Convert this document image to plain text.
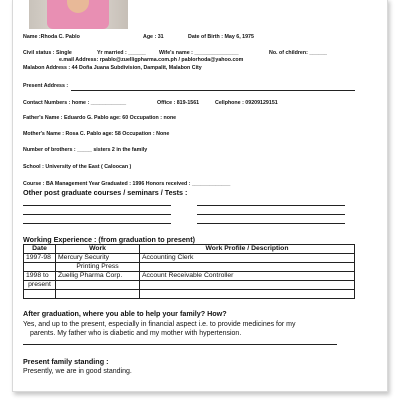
Name :Rhoda C. Pablo	Age : 31	Date of Birth : May 6, 1975
Civil status : Single	Yr married : ______ Wife's name : _______________	No. of children: ______
e.mail Address: rpablo@zuelligpharma.com.ph / pablorhoda@yahoo.com
Malabon Address : 44 Doña Juana Subdivision, Dampalit, Malabon City
Present Address :
Contact Numbers : home : ____________	Office : 819-1561	Cellphone : 09209129151
Father's Name : Eduardo G. Pablo age: 60 Occupation : none
Mother's Name : Rosa C. Pablo age: 58 Occupation : None
Number of brothers : _____ sisters 2 in the family
School : University of the East ( Caloocan )
Course : BA Management Year Graduated : 1996 Honors received : _____________
Other post graduate courses / seminars / Tests :
Working Experience : (from graduation to present)
Date	Work	Work Profile / Description
1997-98	Mercury Security	Accounting Clerk
	Printing Press	
1998 to	Zuellig Pharma Corp.	Account Receivable Controller
present		

After graduation, where you able to help your family? How?
Yes, and up to the present, especially in financial aspect i.e. to provide medicines for my
parents. My father who is diabetic and my mother with hypertension.
Present family standing :
Presently, we are in good standing.
